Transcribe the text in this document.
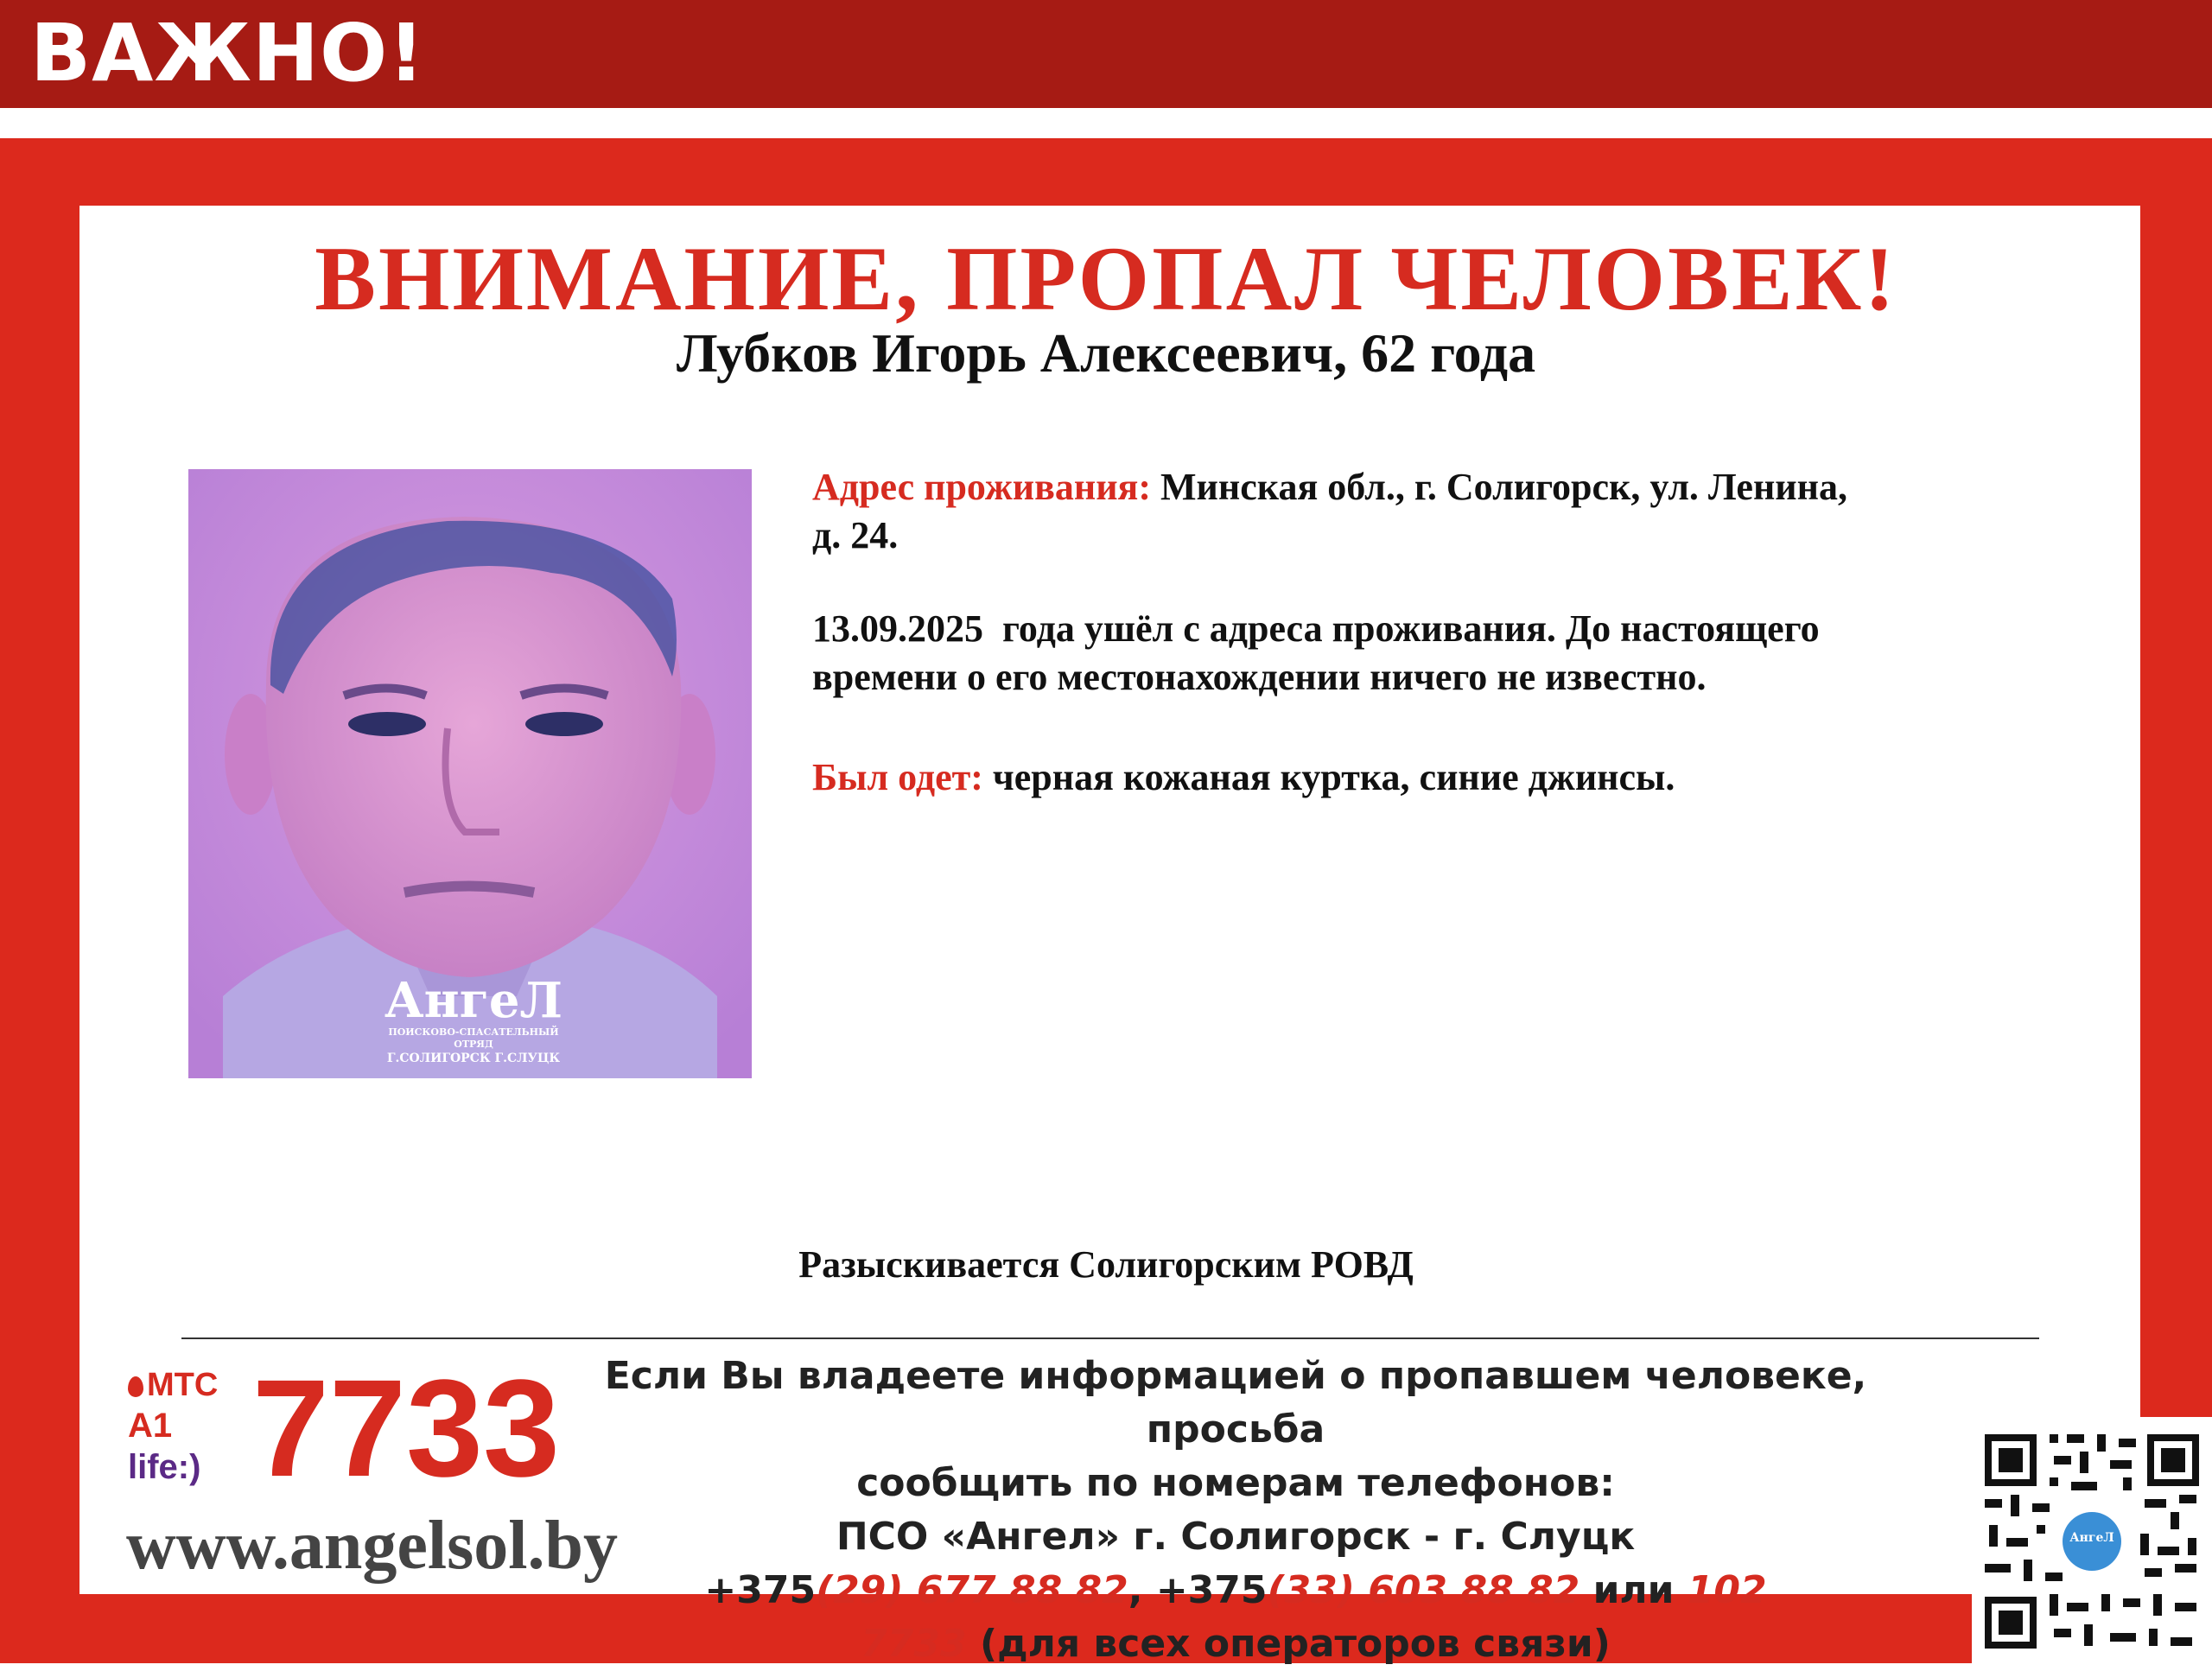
ВАЖНО!
ВНИМАНИЕ, ПРОПАЛ ЧЕЛОВЕК!
Лубков Игорь Алексеевич, 62 года
АнгеЛ
ПОИСКОВО-СПАСАТЕЛЬНЫЙ ОТРЯД
Г.СОЛИГОРСК Г.СЛУЦК
Адрес проживания: Минская обл., г. Солигорск, ул. Ленина,
д. 24.
13.09.2025  года ушёл с адреса проживания. До настоящего
времени о его местонахождении ничего не известно.
Был одет: черная кожаная куртка, синие джинсы.
Разыскивается Солигорским РОВД
МТС
A1
life:) 7733
www.angelsol.by
Если Вы владеете информацией о пропавшем человеке, просьба
сообщить по номерам телефонов:
ПСО «Ангел» г. Солигорск - г. Слуцк
+375(29) 677 88 82, +375(33) 603 88 82 или 102
7733 (для всех операторов связи)
АнгеЛ
